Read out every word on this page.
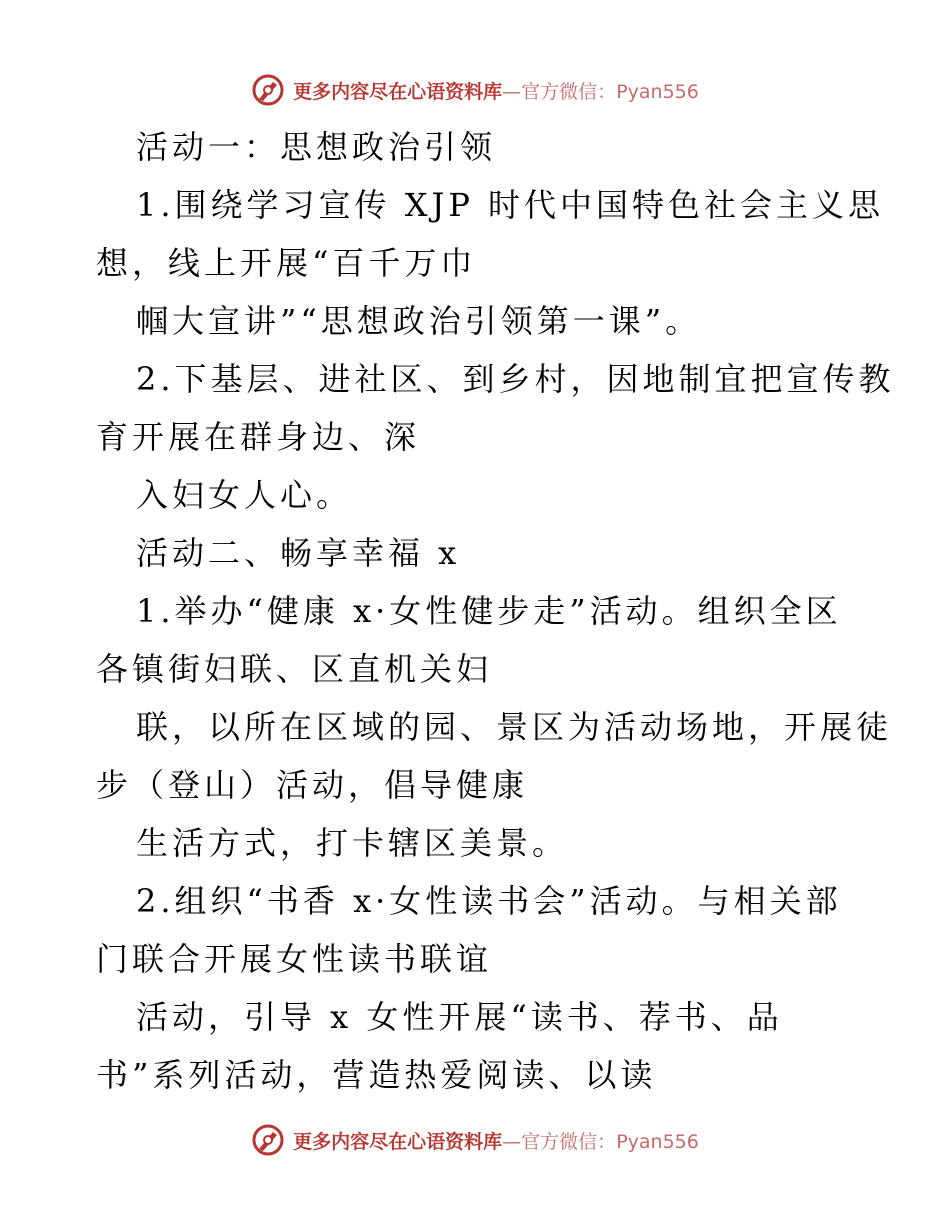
更多内容尽在心语资料库—官方微信：Pyan556
活动一：思想政治引领
1.围绕学习宣传 XJP 时代中国特色社会主义思
想，线上开展“百千万巾
帼大宣讲”“思想政治引领第一课”。
2.下基层、进社区、到乡村，因地制宜把宣传教
育开展在群身边、深
入妇女人心。
活动二、畅享幸福 x
1.举办“健康 x·女性健步走”活动。组织全区
各镇街妇联、区直机关妇
联，以所在区域的园、景区为活动场地，开展徒
步（登山）活动，倡导健康
生活方式，打卡辖区美景。
2.组织“书香 x·女性读书会”活动。与相关部
门联合开展女性读书联谊
活动，引导 x 女性开展“读书、荐书、品
书”系列活动，营造热爱阅读、以读
更多内容尽在心语资料库—官方微信：Pyan556
